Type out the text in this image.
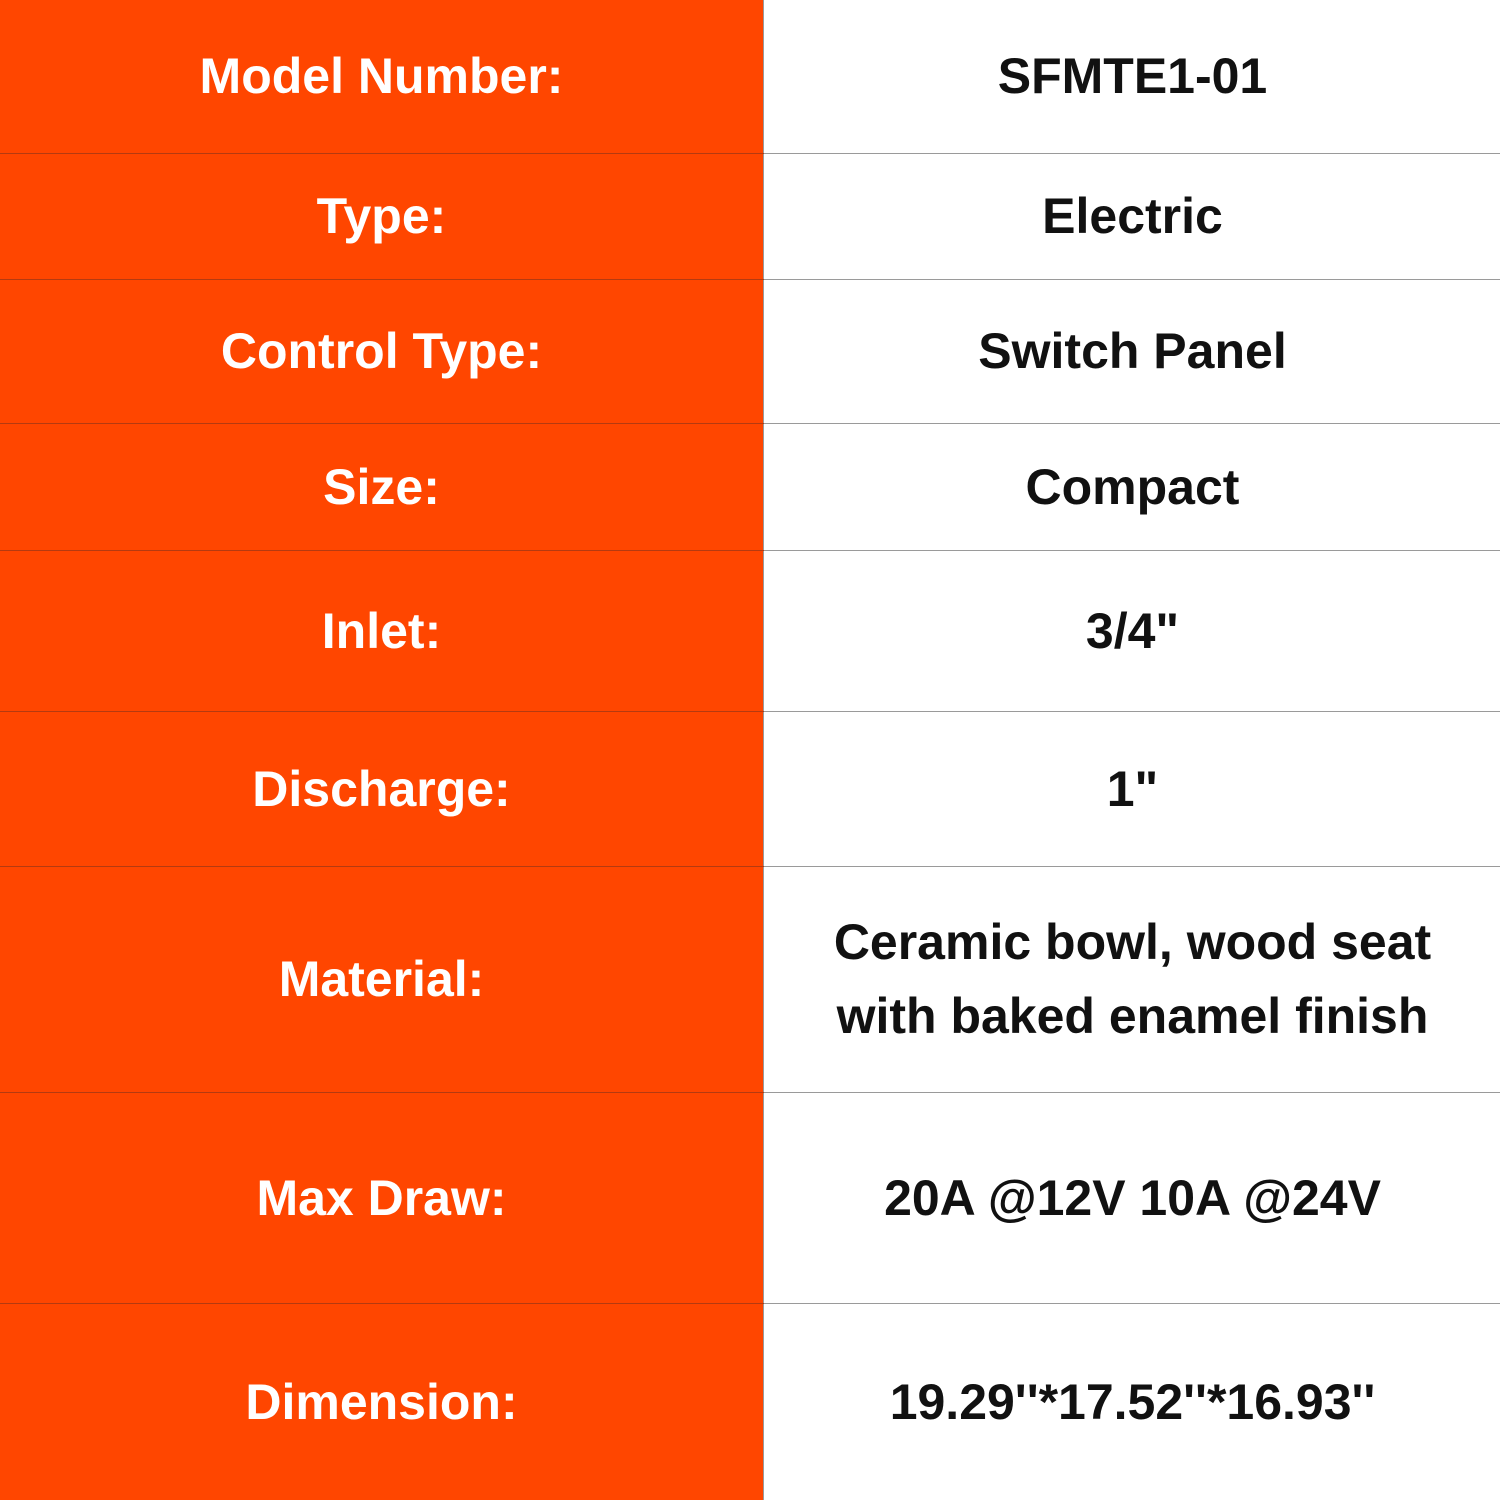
Model Number:	SFMTE1-01
Type:	Electric
Control Type:	Switch Panel
Size:	Compact
Inlet:	3/4"
Discharge:	1"
Material:	Ceramic bowl, wood seat with baked enamel finish
Max Draw:	20A @12V 10A @24V
Dimension:	19.29''*17.52''*16.93''
